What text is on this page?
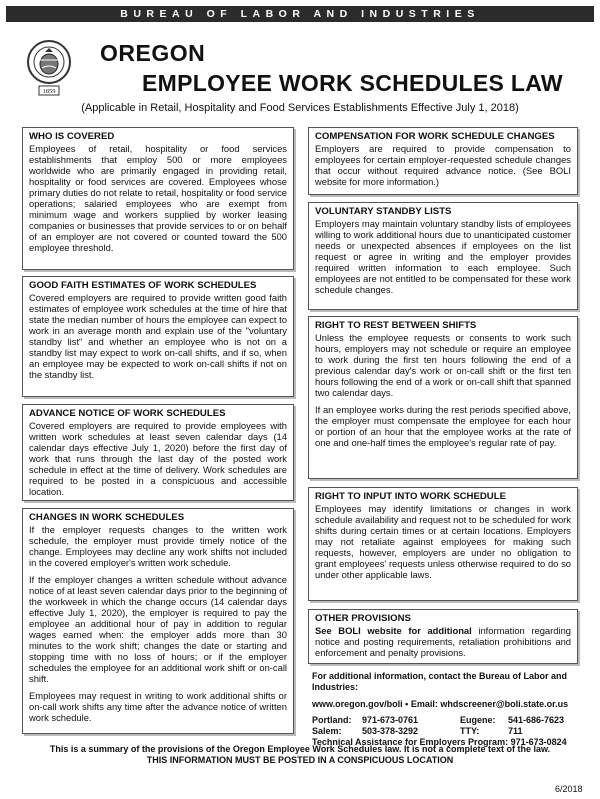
BUREAU OF LABOR AND INDUSTRIES
1859
OREGON
EMPLOYEE WORK SCHEDULES LAW
(Applicable in Retail, Hospitality and Food Services Establishments Effective July 1, 2018)
WHO IS COVERED

Employees of retail, hospitality or food services establishments that employ 500 or more employees worldwide who are primarily engaged in providing retail, hospitality or food services are covered. Employees whose primary duties do not relate to retail, hospitality or food service operations; salaried employees who are exempt from minimum wage and workers supplied by worker leasing companies or businesses that provide services to or on behalf of an employer are not covered or counted toward the 500 employee threshold.

GOOD FAITH ESTIMATES OF WORK SCHEDULES

Covered employers are required to provide written good faith estimates of employee work schedules at the time of hire that state the median number of hours the employee can expect to work in an average month and explain use of the "voluntary standby list" and whether an employee who is not on a standby list may expect to work on-call shifts, and if so, when an employee may be expected to work on-call shifts if not on the standby list.

ADVANCE NOTICE OF WORK SCHEDULES

Covered employers are required to provide employees with written work schedules at least seven calendar days (14 calendar days effective July 1, 2020) before the first day of work that runs through the last day of the posted work schedule in effect at the time of delivery. Work schedules are required to be posted in a conspicuous and accessible location.

CHANGES IN WORK SCHEDULES

If the employer requests changes to the written work schedule, the employer must provide timely notice of the change. Employees may decline any work shifts not included in the covered employer's written work schedule.

If the employer changes a written schedule without advance notice of at least seven calendar days prior to the beginning of the workweek in which the change occurs (14 calendar days effective July 1, 2020), the employer is required to pay the employee an additional hour of pay in addition to regular wages earned when: the employer adds more than 30 minutes to the work shift; changes the date or starting and stopping time with no loss of hours; or if the employer schedules the employee for an additional work shift or on-call shift.

Employees may request in writing to work additional shifts or on-call work shifts any time after the advance notice of written work schedule.

COMPENSATION FOR WORK SCHEDULE CHANGES

Employers are required to provide compensation to employees for certain employer-requested schedule changes that occur without required advance notice. (See BOLI website for more information.)

VOLUNTARY STANDBY LISTS

Employers may maintain voluntary standby lists of employees willing to work additional hours due to unanticipated customer needs or unexpected absences if employees on the list request or agree in writing and the employer provides required written information to each employee. Such employees are not entitled to be compensated for these work schedule changes.

RIGHT TO REST BETWEEN SHIFTS

Unless the employee requests or consents to work such hours, employers may not schedule or require an employee to work during the first ten hours following the end of a previous calendar day's work or on-call shift or the first ten hours following the end of a work or on-call shift that spanned two calendar days.

If an employee works during the rest periods specified above, the employer must compensate the employee for each hour or portion of an hour that the employee works at the rate of one and one-half times the employee's regular rate of pay.

RIGHT TO INPUT INTO WORK SCHEDULE

Employees may identify limitations or changes in work schedule availability and request not to be scheduled for work shifts during certain times or at certain locations. Employers may not retaliate against employees for making such requests, however, employers are under no obligation to grant employees' requests unless otherwise required to do so under other applicable laws.

OTHER PROVISIONS

See BOLI website for additional information regarding notice and posting requirements, retaliation prohibitions and enforcement and penalty provisions.

For additional information, contact the Bureau of Labor and Industries:
www.oregon.gov/boli • Email: whdscreener@boli.state.or.us
Portland:	971-673-0761	Eugene:	541-686-7623
Salem:	503-378-3292	TTY:	711
Technical Assistance for Employers Program: 971-673-0824
This is a summary of the provisions of the Oregon Employee Work Schedules law. It is not a complete text of the law.
THIS INFORMATION MUST BE POSTED IN A CONSPICUOUS LOCATION
6/2018
